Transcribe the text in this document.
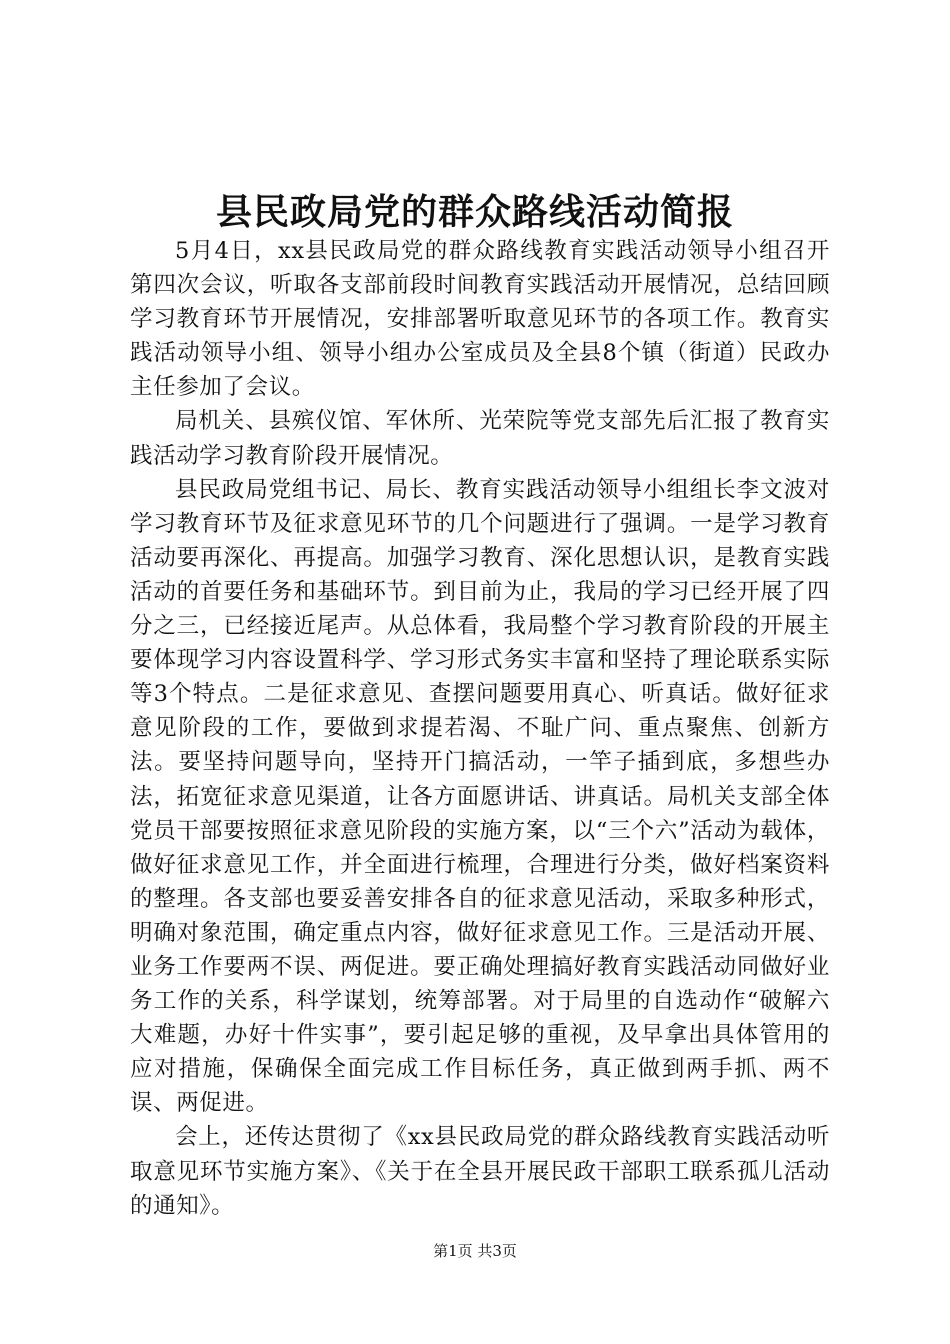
县民政局党的群众路线活动简报

5月4日，xx县民政局党的群众路线教育实践活动领导小组召开第四次会议，听取各支部前段时间教育实践活动开展情况，总结回顾学习教育环节开展情况，安排部署听取意见环节的各项工作。教育实践活动领导小组、领导小组办公室成员及全县8个镇（街道）民政办主任参加了会议。

局机关、县殡仪馆、军休所、光荣院等党支部先后汇报了教育实践活动学习教育阶段开展情况。

县民政局党组书记、局长、教育实践活动领导小组组长李文波对学习教育环节及征求意见环节的几个问题进行了强调。一是学习教育活动要再深化、再提高。加强学习教育、深化思想认识，是教育实践活动的首要任务和基础环节。到目前为止，我局的学习已经开展了四分之三，已经接近尾声。从总体看，我局整个学习教育阶段的开展主要体现学习内容设置科学、学习形式务实丰富和坚持了理论联系实际等3个特点。二是征求意见、查摆问题要用真心、听真话。做好征求意见阶段的工作，要做到求提若渴、不耻广问、重点聚焦、创新方法。要坚持问题导向，坚持开门搞活动，一竿子插到底，多想些办法，拓宽征求意见渠道，让各方面愿讲话、讲真话。局机关支部全体党员干部要按照征求意见阶段的实施方案，以“三个六”活动为载体，做好征求意见工作，并全面进行梳理，合理进行分类，做好档案资料的整理。各支部也要妥善安排各自的征求意见活动，采取多种形式，明确对象范围，确定重点内容，做好征求意见工作。三是活动开展、业务工作要两不误、两促进。要正确处理搞好教育实践活动同做好业务工作的关系，科学谋划，统筹部署。对于局里的自选动作“破解六大难题，办好十件实事”，要引起足够的重视，及早拿出具体管用的应对措施，保确保全面完成工作目标任务，真正做到两手抓、两不误、两促进。

会上，还传达贯彻了《xx县民政局党的群众路线教育实践活动听取意见环节实施方案》、《关于在全县开展民政干部职工联系孤儿活动的通知》。

第1页 共3页
